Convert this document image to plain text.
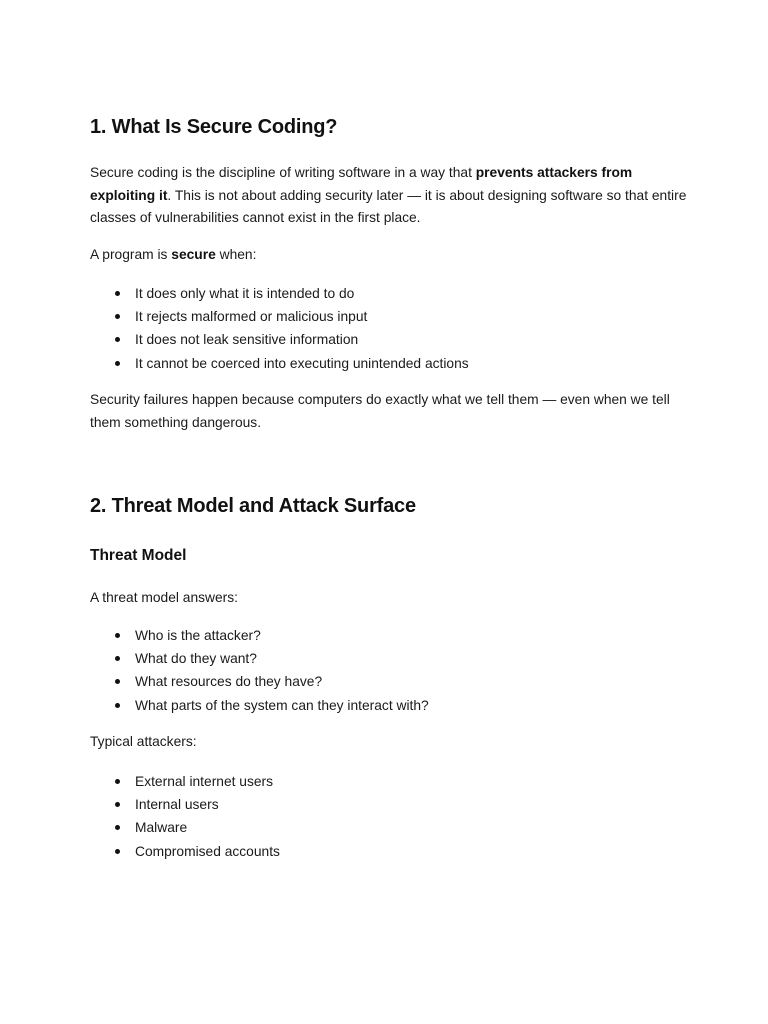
1. What Is Secure Coding?

Secure coding is the discipline of writing software in a way that prevents attackers from exploiting it. This is not about adding security later — it is about designing software so that entire classes of vulnerabilities cannot exist in the first place.

A program is secure when:

It does only what it is intended to do
It rejects malformed or malicious input
It does not leak sensitive information
It cannot be coerced into executing unintended actions

Security failures happen because computers do exactly what we tell them — even when we tell them something dangerous.

2. Threat Model and Attack Surface
Threat Model

A threat model answers:

Who is the attacker?
What do they want?
What resources do they have?
What parts of the system can they interact with?

Typical attackers:

External internet users
Internal users
Malware
Compromised accounts
